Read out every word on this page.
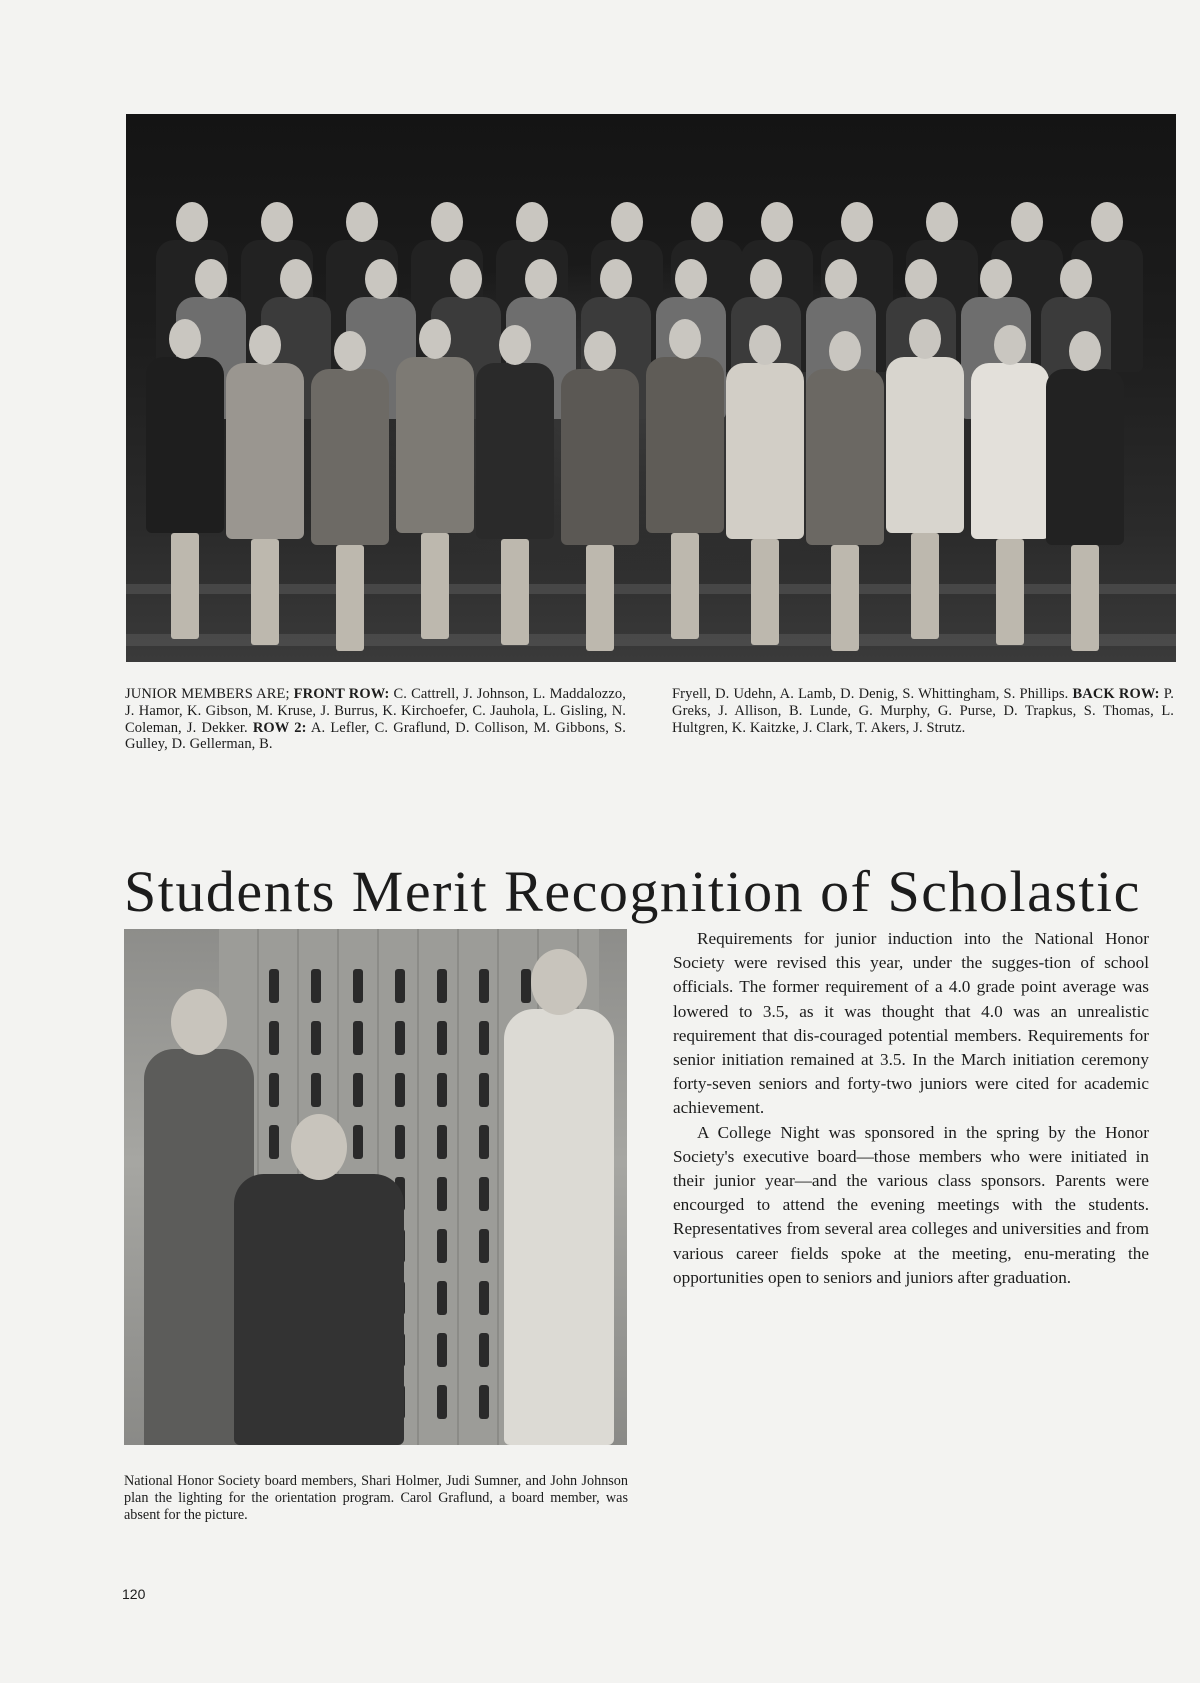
JUNIOR MEMBERS ARE; FRONT ROW: C. Cattrell, J. Johnson, L. Maddalozzo, J. Hamor, K. Gibson, M. Kruse, J. Burrus, K. Kirchoefer, C. Jauhola, L. Gisling, N. Coleman, J. Dekker. ROW 2: A. Lefler, C. Graflund, D. Collison, M. Gibbons, S. Gulley, D. Gellerman, B.
Fryell, D. Udehn, A. Lamb, D. Denig, S. Whittingham, S. Phillips. BACK ROW: P. Greks, J. Allison, B. Lunde, G. Murphy, G. Purse, D. Trapkus, S. Thomas, L. Hultgren, K. Kaitzke, J. Clark, T. Akers, J. Strutz.
Students Merit Recognition of Scholastic

Requirements for junior induction into the National Honor Society were revised this year, under the sugges-tion of school officials. The former requirement of a 4.0 grade point average was lowered to 3.5, as it was thought that 4.0 was an unrealistic requirement that dis-couraged potential members. Requirements for senior initiation remained at 3.5. In the March initiation ceremony forty-seven seniors and forty-two juniors were cited for academic achievement.

A College Night was sponsored in the spring by the Honor Society's executive board—those members who were initiated in their junior year—and the various class sponsors. Parents were encourged to attend the evening meetings with the students. Representatives from several area colleges and universities and from various career fields spoke at the meeting, enu-merating the opportunities open to seniors and juniors after graduation.

National Honor Society board members, Shari Holmer, Judi Sumner, and John Johnson plan the lighting for the orientation program. Carol Graflund, a board member, was absent for the picture.
120
